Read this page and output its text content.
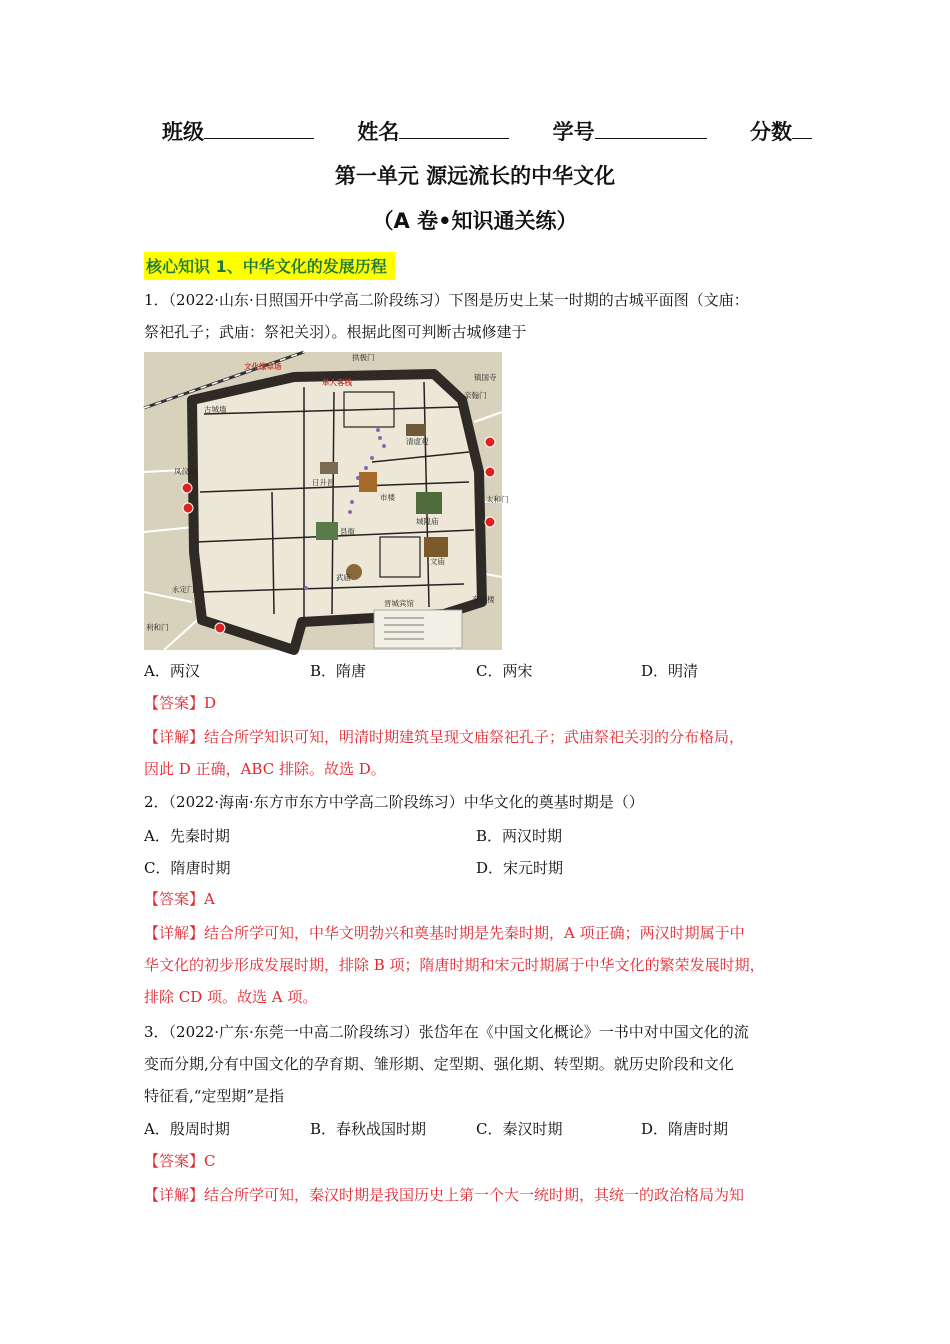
班级	姓名	学号	分数
第一单元 源远流长的中华文化
（A 卷•知识通关练）
核心知识 1、中华文化的发展历程
1．（2022·山东·日照国开中学高二阶段练习）下图是历史上某一时期的古城平面图（文庙：
祭祀孔子；武庙：祭祀关羽）。根据此图可判断古城修建于
文化缘草场
单人客栈
拱极门
镇国寺
古城墙
清虚观
亲翰门
凤仪门
日升昌
市楼
城隍庙
太和门
县衙
文庙
武庙
永定门
迎薰门
利和门
晋城宾馆	奎星楼
A．两汉	B．隋唐	C．两宋	D．明清
【答案】D
【详解】结合所学知识可知，明清时期建筑呈现文庙祭祀孔子；武庙祭祀关羽的分布格局，
因此 D 正确，ABC 排除。故选 D。
2．（2022·海南·东方市东方中学高二阶段练习）中华文化的奠基时期是（）
A．先秦时期	B．两汉时期
C．隋唐时期	D．宋元时期
【答案】A
【详解】结合所学可知，中华文明勃兴和奠基时期是先秦时期，A 项正确；两汉时期属于中
华文化的初步形成发展时期，排除 B 项；隋唐时期和宋元时期属于中华文化的繁荣发展时期，
排除 CD 项。故选 A 项。
3．（2022·广东·东莞一中高二阶段练习）张岱年在《中国文化概论》一书中对中国文化的流
变而分期,分有中国文化的孕育期、雏形期、定型期、强化期、转型期。就历史阶段和文化
特征看,“定型期”是指
A．殷周时期	B．春秋战国时期	C．秦汉时期	D．隋唐时期
【答案】C
【详解】结合所学可知，秦汉时期是我国历史上第一个大一统时期，其统一的政治格局为知
